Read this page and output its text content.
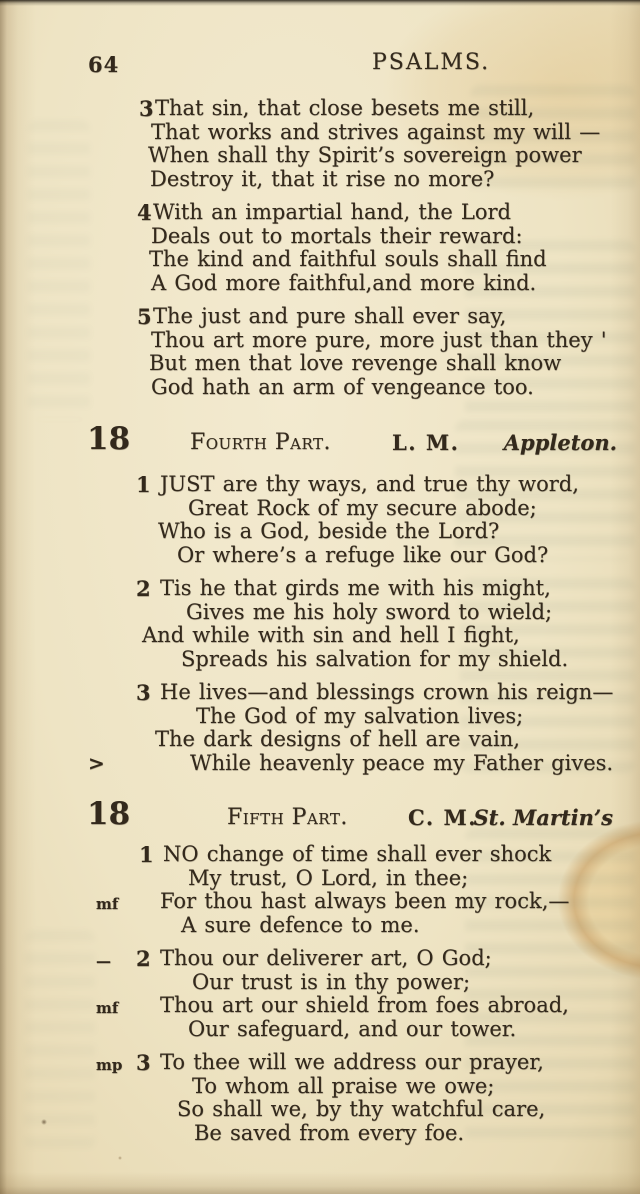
64	PSALMS.
3 That sin, that close besets me still,
That works and strives against my will —
When shall thy Spirit’s sovereign power
Destroy it, that it rise no more?
4 With an impartial hand, the Lord
Deals out to mortals their reward:
The kind and faithful souls shall find
A God more faithful,and more kind.
5 The just and pure shall ever say,
Thou art more pure, more just than they '
But men that love revenge shall know
God hath an arm of vengeance too.
18	Fourth Part.	L. M. Appleton.
1 JUST are thy ways, and true thy word,
Great Rock of my secure abode;
Who is a God, beside the Lord?
Or where’s a refuge like our God?
2 Tis he that girds me with his might,
Gives me his holy sword to wield;
And while with sin and hell I fight,
Spreads his salvation for my shield.
3 He lives—and blessings crown his reign—
The God of my salvation lives;
The dark designs of hell are vain,
>	While heavenly peace my Father gives.
18	Fifth Part.	C. M.
St. Martin’s
1 NO change of time shall ever shock
My trust, O Lord, in thee;
mf For thou hast always been my rock,—
A sure defence to me.
— 2 Thou our deliverer art, O God;
Our trust is in thy power;
mf Thou art our shield from foes abroad,
Our safeguard, and our tower.
mp 3 To thee will we address our prayer,
To whom all praise we owe;
So shall we, by thy watchful care,
Be saved from every foe.
